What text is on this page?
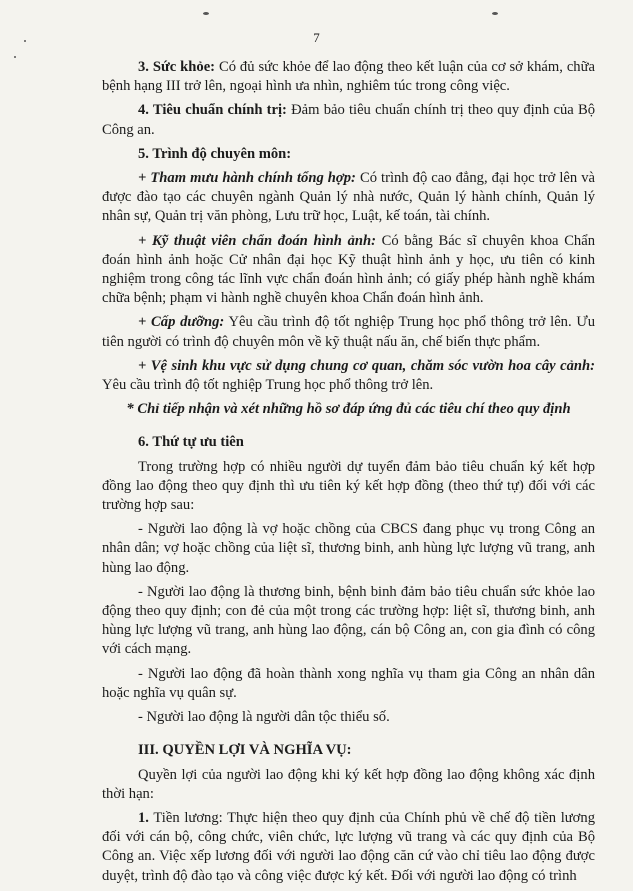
7

3. Sức khỏe: Có đủ sức khỏe để lao động theo kết luận của cơ sở khám, chữa bệnh hạng III trở lên, ngoại hình ưa nhìn, nghiêm túc trong công việc.

4. Tiêu chuẩn chính trị: Đảm bảo tiêu chuẩn chính trị theo quy định của Bộ Công an.

5. Trình độ chuyên môn:

+ Tham mưu hành chính tổng hợp: Có trình độ cao đẳng, đại học trở lên và được đào tạo các chuyên ngành Quản lý nhà nước, Quản lý hành chính, Quản lý nhân sự, Quản trị văn phòng, Lưu trữ học, Luật, kế toán, tài chính.

+ Kỹ thuật viên chẩn đoán hình ảnh: Có bằng Bác sĩ chuyên khoa Chẩn đoán hình ảnh hoặc Cử nhân đại học Kỹ thuật hình ảnh y học, ưu tiên có kinh nghiệm trong công tác lĩnh vực chẩn đoán hình ảnh; có giấy phép hành nghề khám chữa bệnh; phạm vi hành nghề chuyên khoa Chẩn đoán hình ảnh.

+ Cấp dưỡng: Yêu cầu trình độ tốt nghiệp Trung học phổ thông trở lên. Ưu tiên người có trình độ chuyên môn về kỹ thuật nấu ăn, chế biến thực phẩm.

+ Vệ sinh khu vực sử dụng chung cơ quan, chăm sóc vườn hoa cây cảnh: Yêu cầu trình độ tốt nghiệp Trung học phổ thông trở lên.

* Chỉ tiếp nhận và xét những hồ sơ đáp ứng đủ các tiêu chí theo quy định

6. Thứ tự ưu tiên

Trong trường hợp có nhiều người dự tuyển đảm bảo tiêu chuẩn ký kết hợp đồng lao động theo quy định thì ưu tiên ký kết hợp đồng (theo thứ tự) đối với các trường hợp sau:

- Người lao động là vợ hoặc chồng của CBCS đang phục vụ trong Công an nhân dân; vợ hoặc chồng của liệt sĩ, thương binh, anh hùng lực lượng vũ trang, anh hùng lao động.

- Người lao động là thương binh, bệnh binh đảm bảo tiêu chuẩn sức khỏe lao động theo quy định; con đẻ của một trong các trường hợp: liệt sĩ, thương binh, anh hùng lực lượng vũ trang, anh hùng lao động, cán bộ Công an, con gia đình có công với cách mạng.

- Người lao động đã hoàn thành xong nghĩa vụ tham gia Công an nhân dân hoặc nghĩa vụ quân sự.

- Người lao động là người dân tộc thiểu số.

III. QUYỀN LỢI VÀ NGHĨA VỤ:

Quyền lợi của người lao động khi ký kết hợp đồng lao động không xác định thời hạn:

1. Tiền lương: Thực hiện theo quy định của Chính phủ về chế độ tiền lương đối với cán bộ, công chức, viên chức, lực lượng vũ trang và các quy định của Bộ Công an. Việc xếp lương đối với người lao động căn cứ vào chỉ tiêu lao động được duyệt, trình độ đào tạo và công việc được ký kết. Đối với người lao động có trình
